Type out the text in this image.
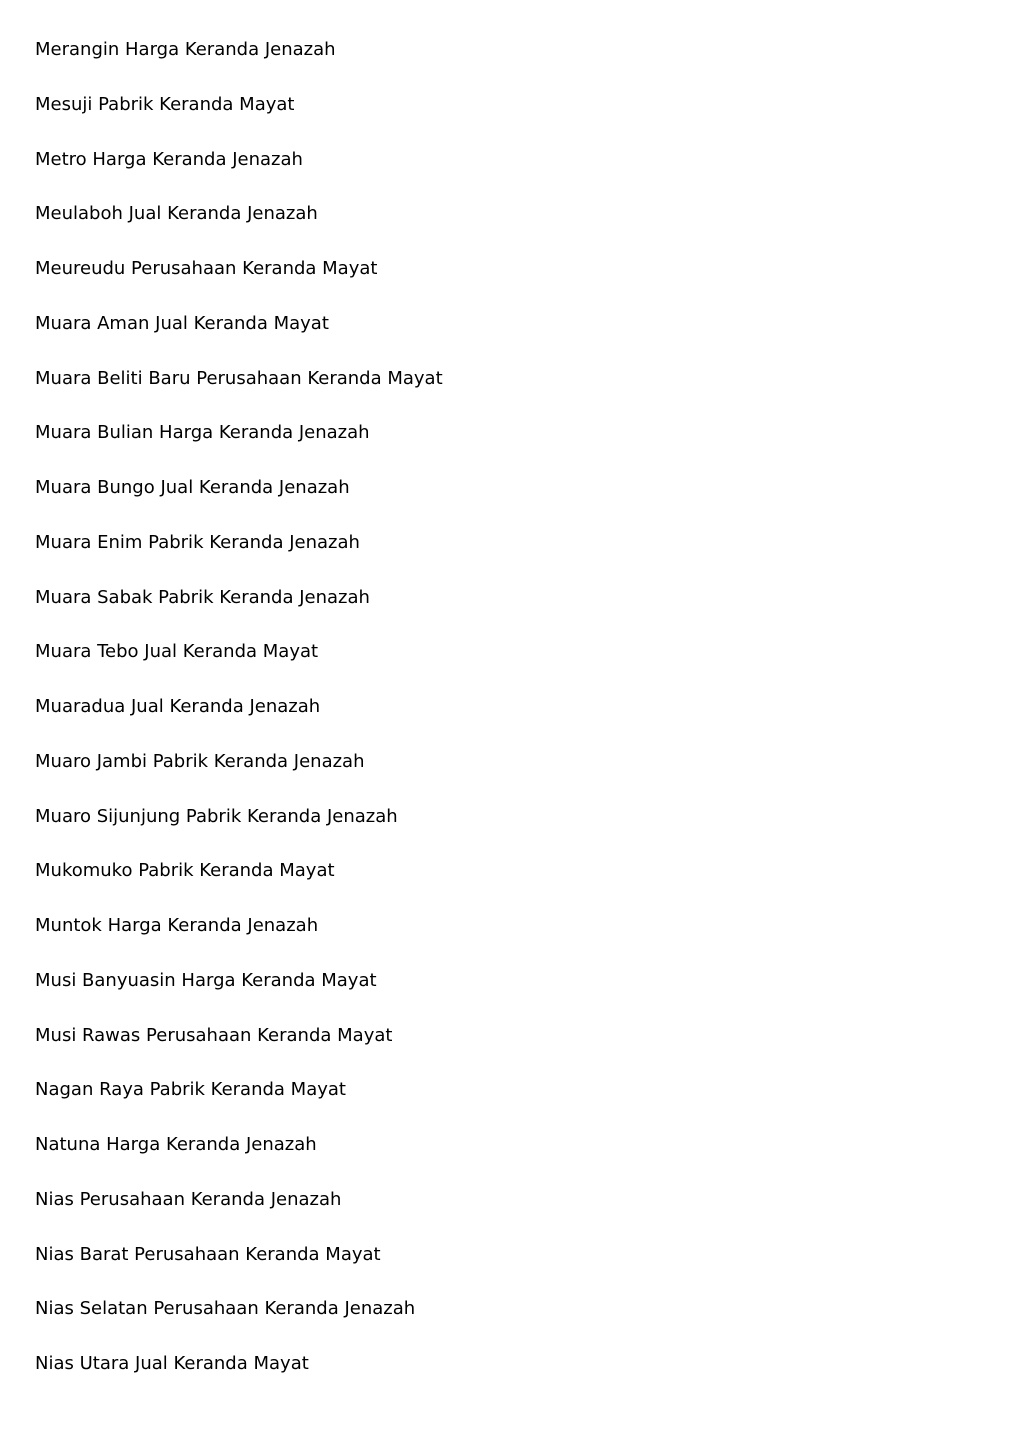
Merangin Harga Keranda Jenazah
Mesuji Pabrik Keranda Mayat
Metro Harga Keranda Jenazah
Meulaboh Jual Keranda Jenazah
Meureudu Perusahaan Keranda Mayat
Muara Aman Jual Keranda Mayat
Muara Beliti Baru Perusahaan Keranda Mayat
Muara Bulian Harga Keranda Jenazah
Muara Bungo Jual Keranda Jenazah
Muara Enim Pabrik Keranda Jenazah
Muara Sabak Pabrik Keranda Jenazah
Muara Tebo Jual Keranda Mayat
Muaradua Jual Keranda Jenazah
Muaro Jambi Pabrik Keranda Jenazah
Muaro Sijunjung Pabrik Keranda Jenazah
Mukomuko Pabrik Keranda Mayat
Muntok Harga Keranda Jenazah
Musi Banyuasin Harga Keranda Mayat
Musi Rawas Perusahaan Keranda Mayat
Nagan Raya Pabrik Keranda Mayat
Natuna Harga Keranda Jenazah
Nias Perusahaan Keranda Jenazah
Nias Barat Perusahaan Keranda Mayat
Nias Selatan Perusahaan Keranda Jenazah
Nias Utara Jual Keranda Mayat
